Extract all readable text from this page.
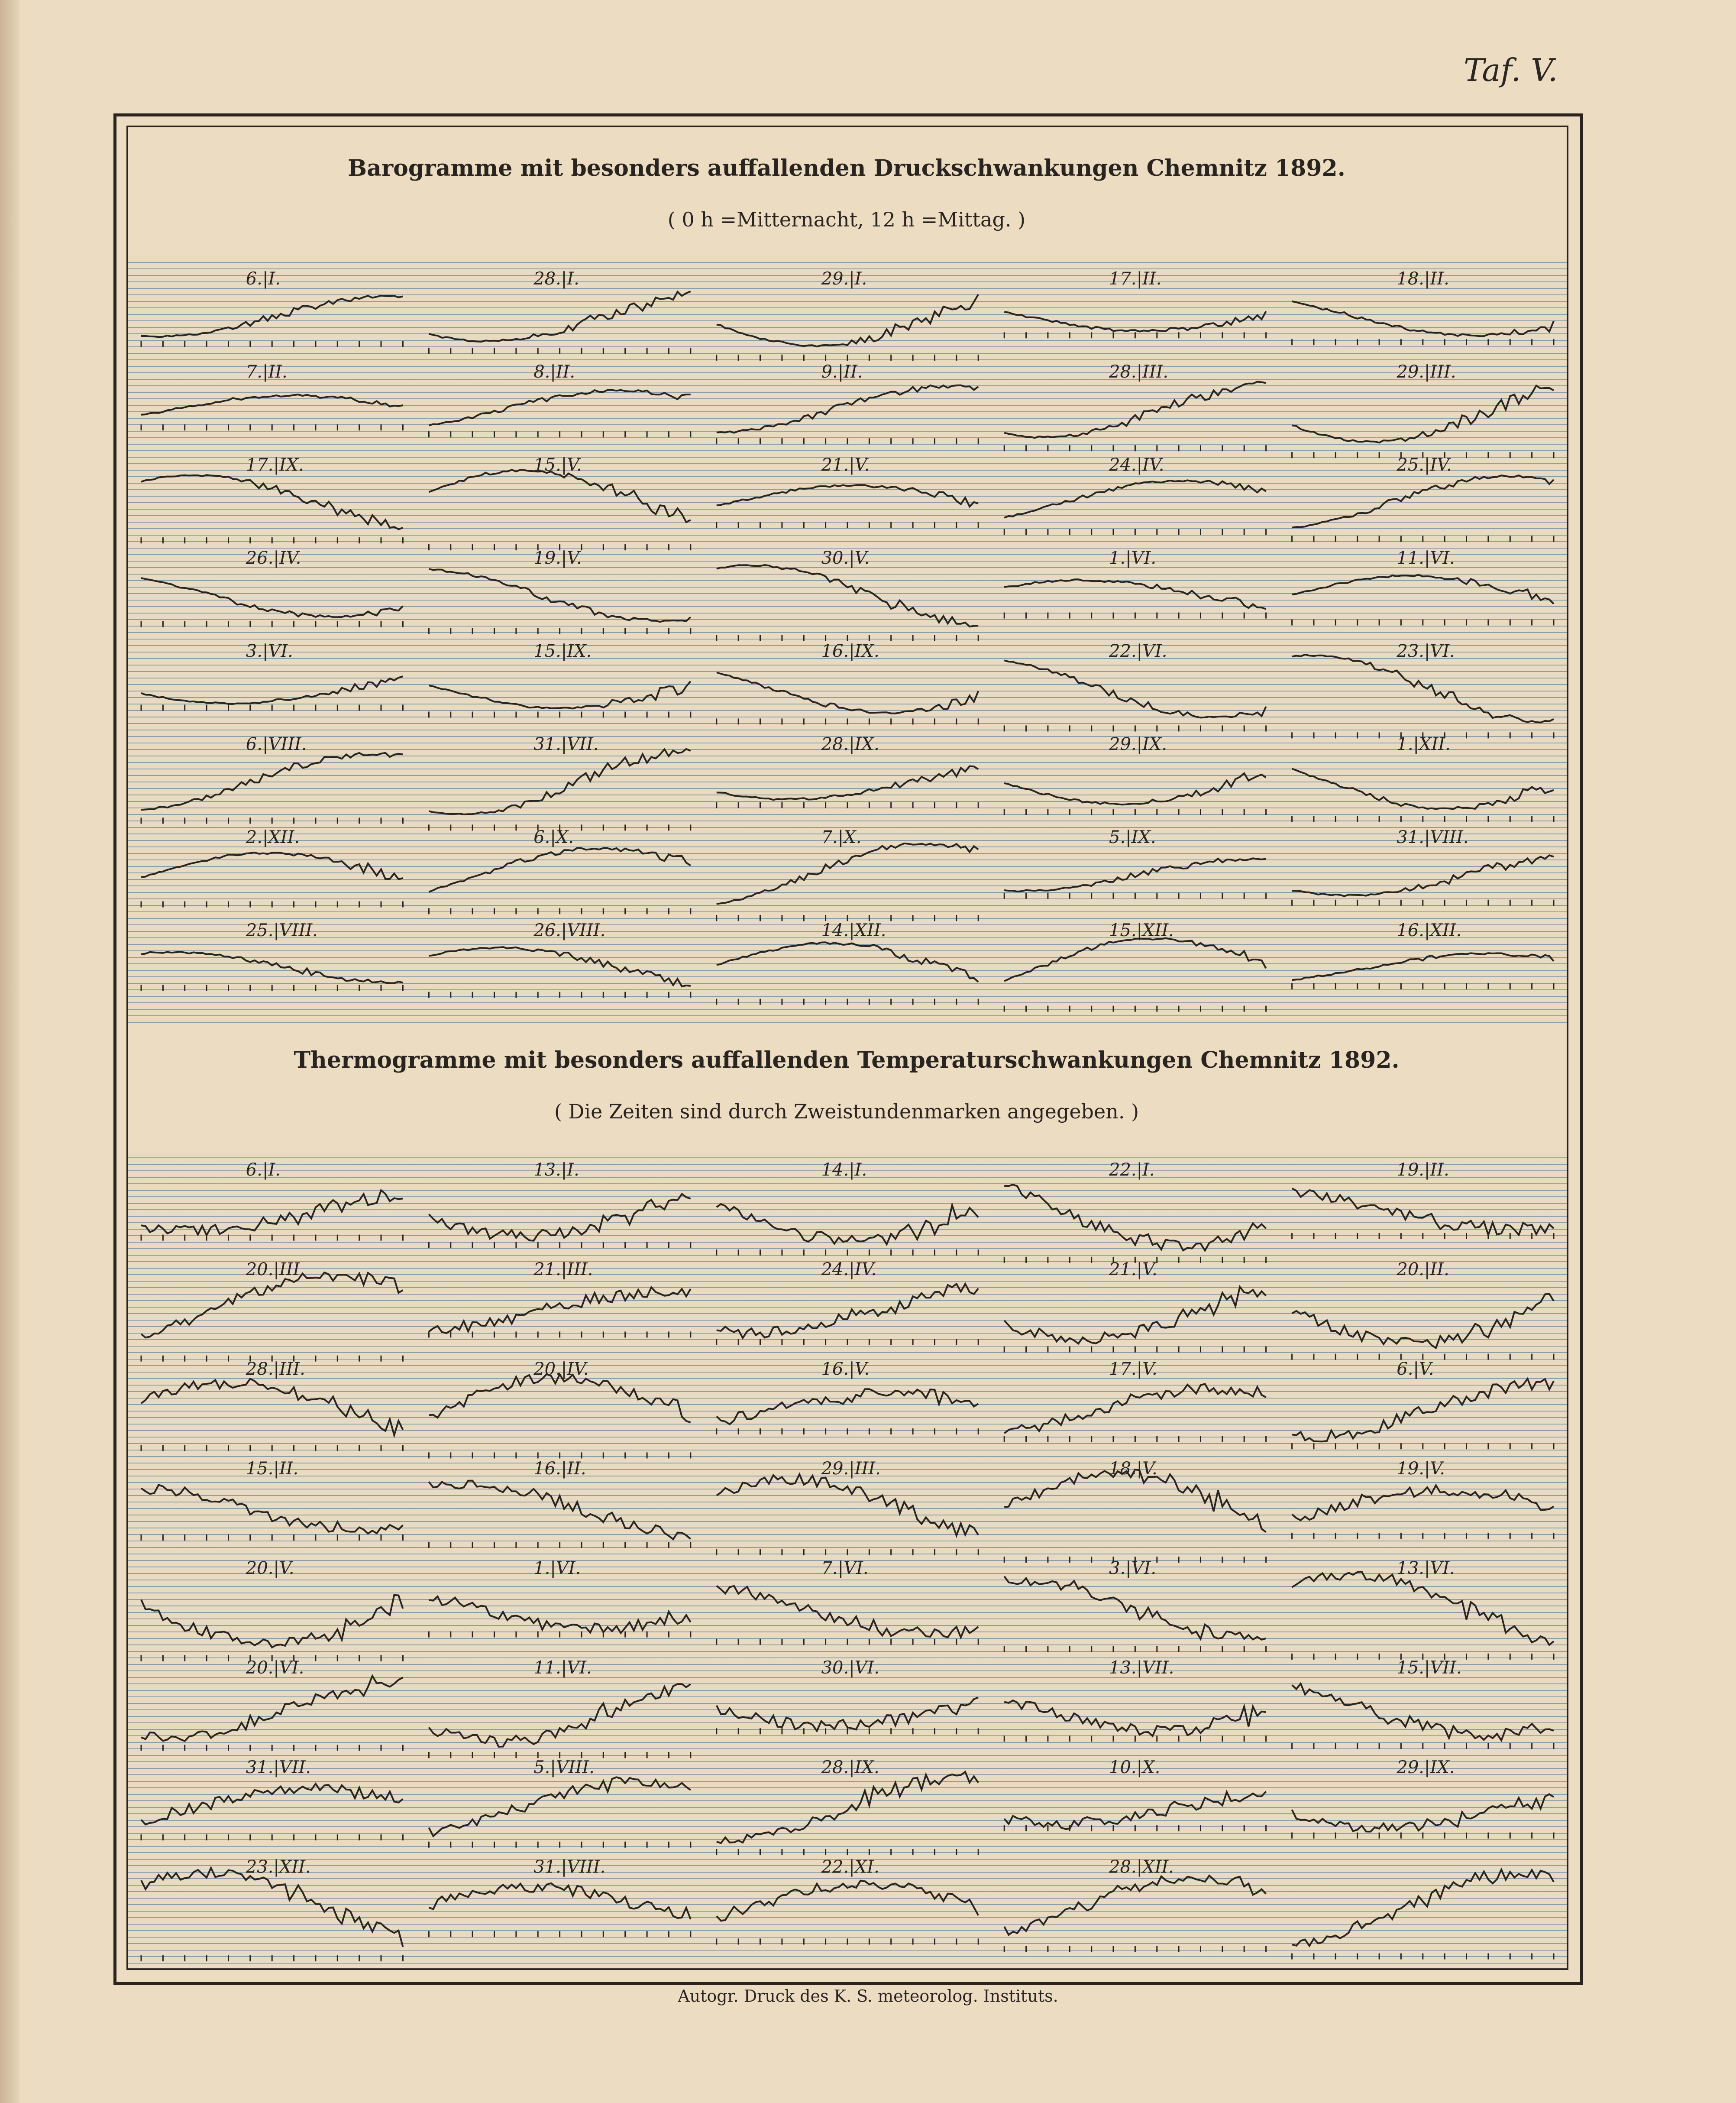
Taf. V.
Barogramme mit besonders auffallenden Druckschwankungen Chemnitz 1892.
( 0 h =Mitternacht, 12 h =Mittag. )
6.|I.	28.|I.	29.|I.	17.|II.	18.|II.
7.|II.	8.|II.	9.|II.	28.|III.	29.|III.
17.|IX.	15.|V.	21.|V.	24.|IV.	25.|IV.
26.|IV.	19.|V.	30.|V.	1.|VI.	11.|VI.
3.|VI.	15.|IX.	16.|IX.	22.|VI.	23.|VI.
6.|VIII.	31.|VII.	28.|IX.	29.|IX.	1.|XII.
2.|XII.	6.|X.	7.|X.	5.|IX.	31.|VIII.
25.|VIII.	26.|VIII.	14.|XII.	15.|XII.	16.|XII.
Thermogramme mit besonders auffallenden Temperaturschwankungen Chemnitz 1892.
( Die Zeiten sind durch Zweistundenmarken angegeben. )
6.|I.	13.|I.	14.|I.	22.|I.	19.|II.
20.|III.	21.|III.	24.|IV.	21.|V.	20.|II.
28.|III.	20.|IV.	16.|V.	17.|V.	6.|V.
15.|II.	16.|II.	29.|III.	18.|V.	19.|V.
20.|V.	1.|VI.	7.|VI.	3.|VI.	13.|VI.
20.|VI.	11.|VI.	30.|VI.	13.|VII.	15.|VII.
31.|VII.	5.|VIII.	28.|IX.	10.|X.	29.|IX.
23.|XII.	31.|VIII.	22.|XI.	28.|XII.
Autogr. Druck des K. S. meteorolog. Instituts.
